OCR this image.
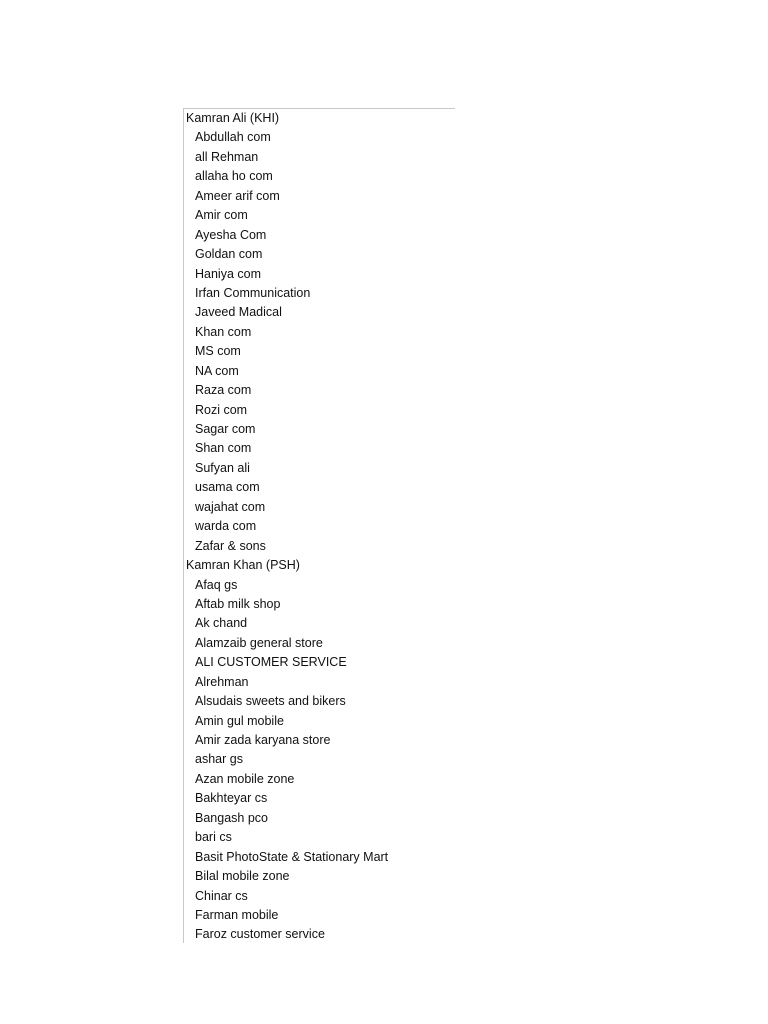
Kamran Ali (KHI)
Abdullah com
all Rehman
allaha ho com
Ameer arif com
Amir com
Ayesha Com
Goldan com
Haniya com
Irfan Communication
Javeed Madical
Khan com
MS com
NA com
Raza com
Rozi com
Sagar com
Shan com
Sufyan ali
usama com
wajahat com
warda com
Zafar & sons
Kamran Khan (PSH)
Afaq gs
Aftab milk shop
Ak chand
Alamzaib general store
ALI CUSTOMER SERVICE
Alrehman
Alsudais sweets and bikers
Amin gul mobile
Amir zada karyana store
ashar gs
Azan mobile zone
Bakhteyar cs
Bangash pco
bari cs
Basit PhotoState & Stationary Mart
Bilal mobile zone
Chinar cs
Farman mobile
Faroz customer service
